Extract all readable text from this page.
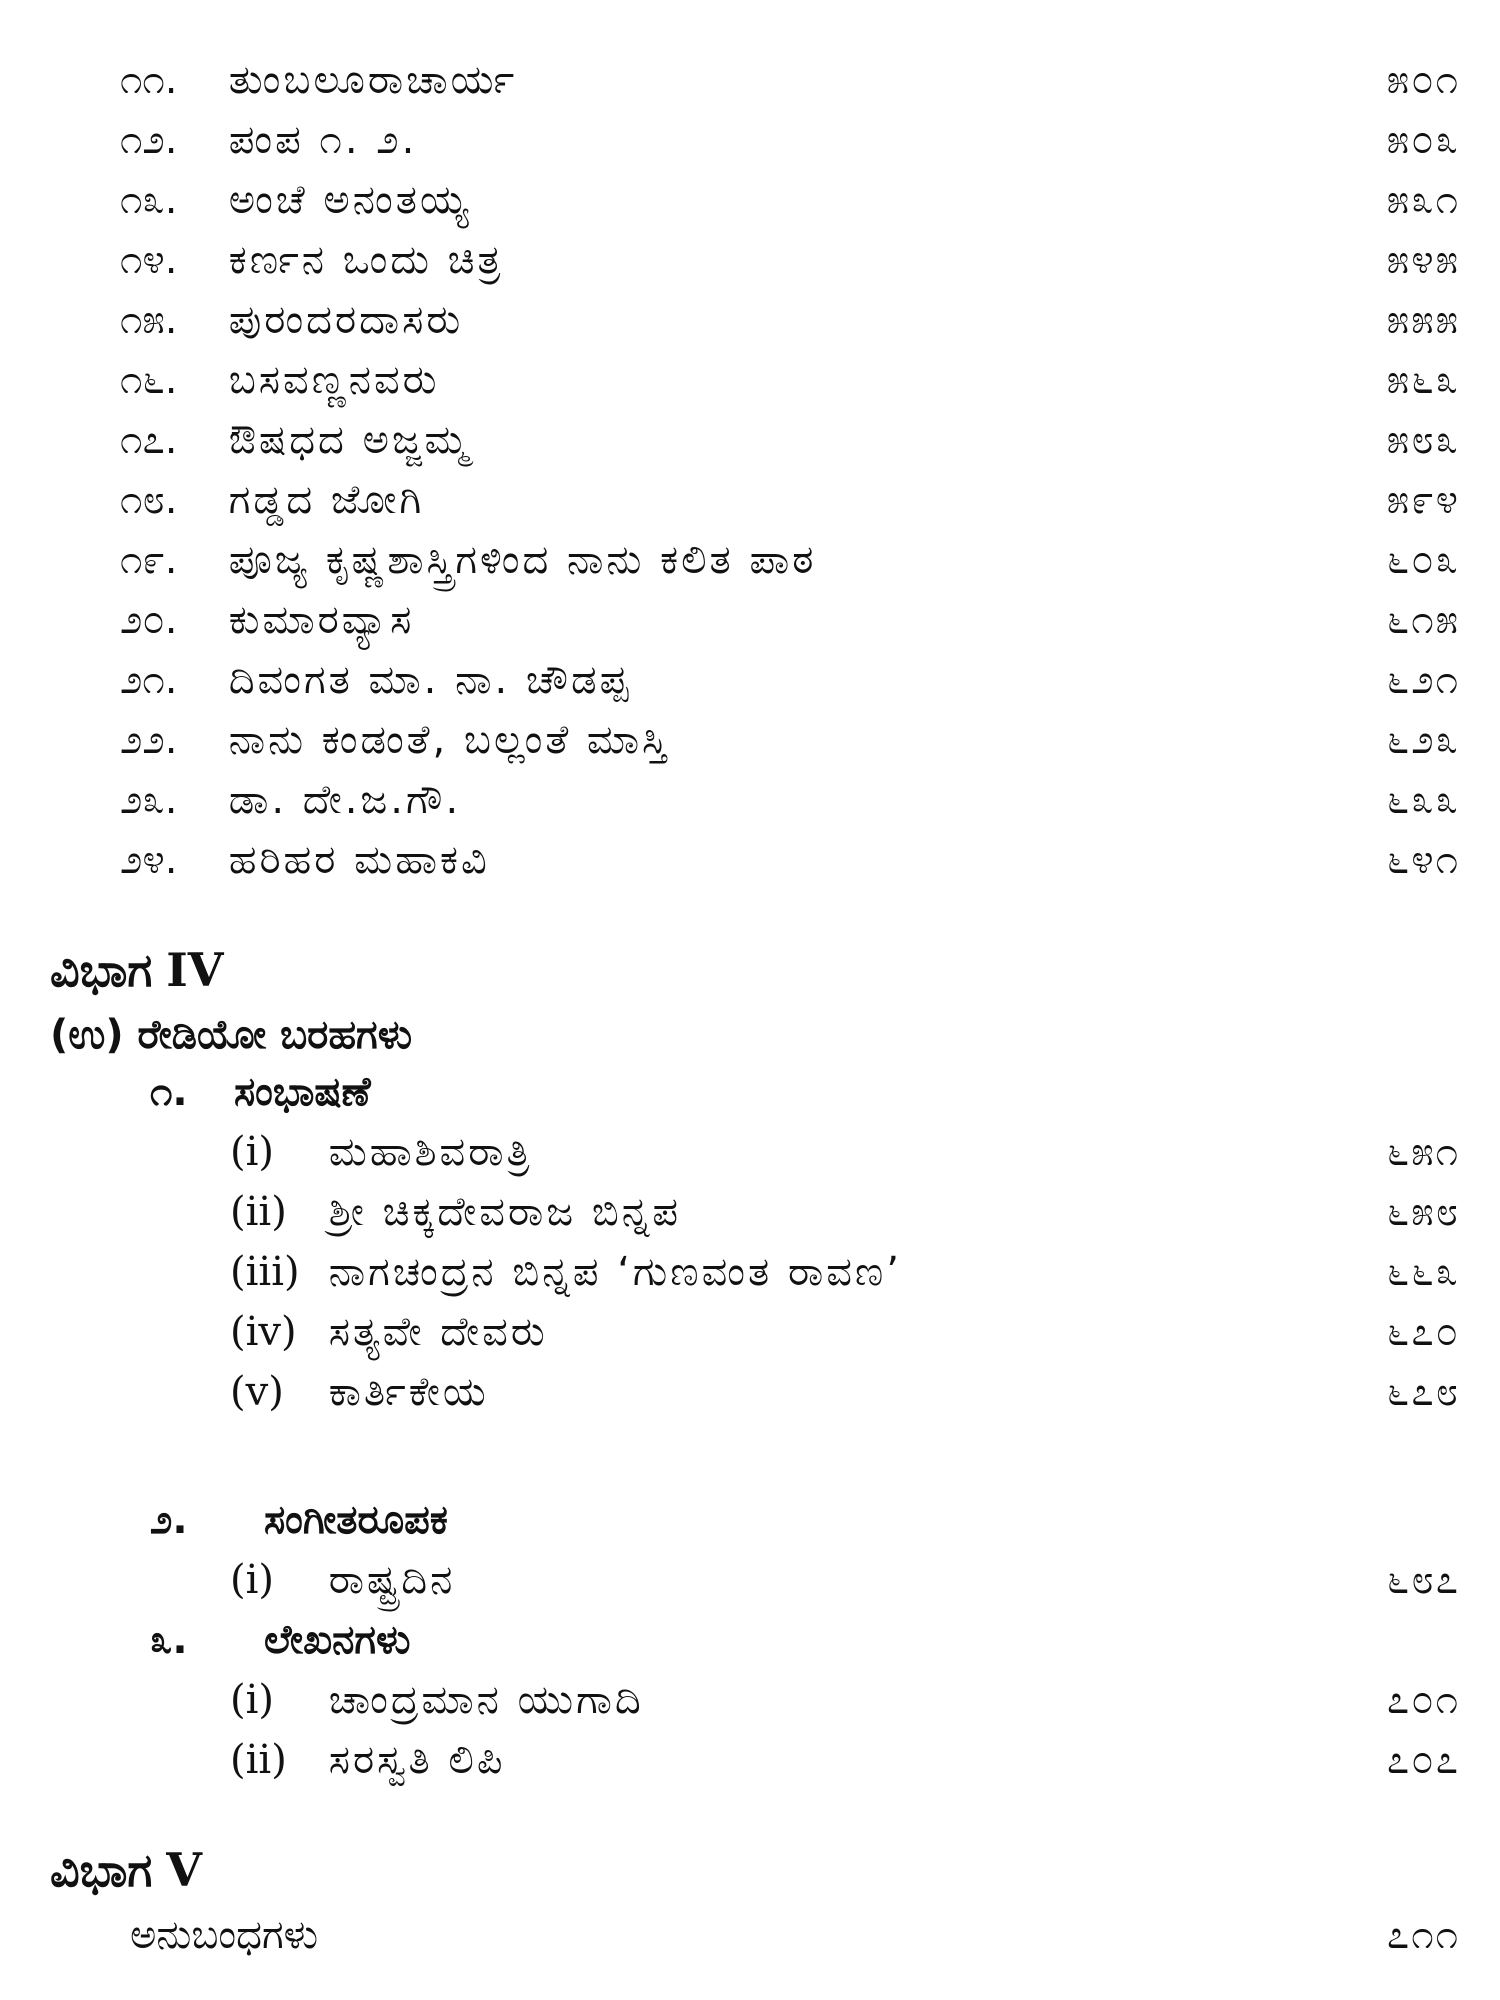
೧೧. ತುಂಬಲೂರಾಚಾರ್ಯ	೫೦೧
೧೨. ಪಂಪ ೧. ೨.	೫೦೩
೧೩. ಅಂಚೆ ಅನಂತಯ್ಯ	೫೩೧
೧೪. ಕರ್ಣನ ಒಂದು ಚಿತ್ರ	೫೪೫
೧೫. ಪುರಂದರದಾಸರು	೫೫೫
೧೬. ಬಸವಣ್ಣನವರು	೫೬೩
೧೭. ಔಷಧದ ಅಜ್ಜಮ್ಮ	೫೮೩
೧೮. ಗಡ್ಡದ ಜೋಗಿ	೫೯೪
೧೯. ಪೂಜ್ಯ ಕೃಷ್ಣಶಾಸ್ತ್ರಿಗಳಿಂದ ನಾನು ಕಲಿತ ಪಾಠ	೬೦೩
೨೦. ಕುಮಾರವ್ಯಾಸ	೬೧೫
೨೧. ದಿವಂಗತ ಮಾ. ನಾ. ಚೌಡಪ್ಪ	೬೨೧
೨೨. ನಾನು ಕಂಡಂತೆ, ಬಲ್ಲಂತೆ ಮಾಸ್ತಿ	೬೨೩
೨೩. ಡಾ. ದೇ.ಜ.ಗೌ.	೬೩೩
೨೪. ಹರಿಹರ ಮಹಾಕವಿ	೬೪೧
ವಿಭಾಗ IV
(ಉ) ರೇಡಿಯೋ ಬರಹಗಳು
೧. ಸಂಭಾಷಣೆ
(i) ಮಹಾಶಿವರಾತ್ರಿ	೬೫೧
(ii) ಶ್ರೀ ಚಿಕ್ಕದೇವರಾಜ ಬಿನ್ನಪ	೬೫೮
(iii) ನಾಗಚಂದ್ರನ ಬಿನ್ನಪ ‘ಗುಣವಂತ ರಾವಣ’	೬೬೩
(iv) ಸತ್ಯವೇ ದೇವರು	೬೭೦
(v) ಕಾರ್ತಿಕೇಯ	೬೭೮
೨. ಸಂಗೀತರೂಪಕ
(i) ರಾಷ್ಟ್ರದಿನ	೬೮೭
೩. ಲೇಖನಗಳು
(i) ಚಾಂದ್ರಮಾನ ಯುಗಾದಿ	೭೦೧
(ii) ಸರಸ್ವತಿ ಲಿಪಿ	೭೦೭
ವಿಭಾಗ V
ಅನುಬಂಧಗಳು	೭೧೧
